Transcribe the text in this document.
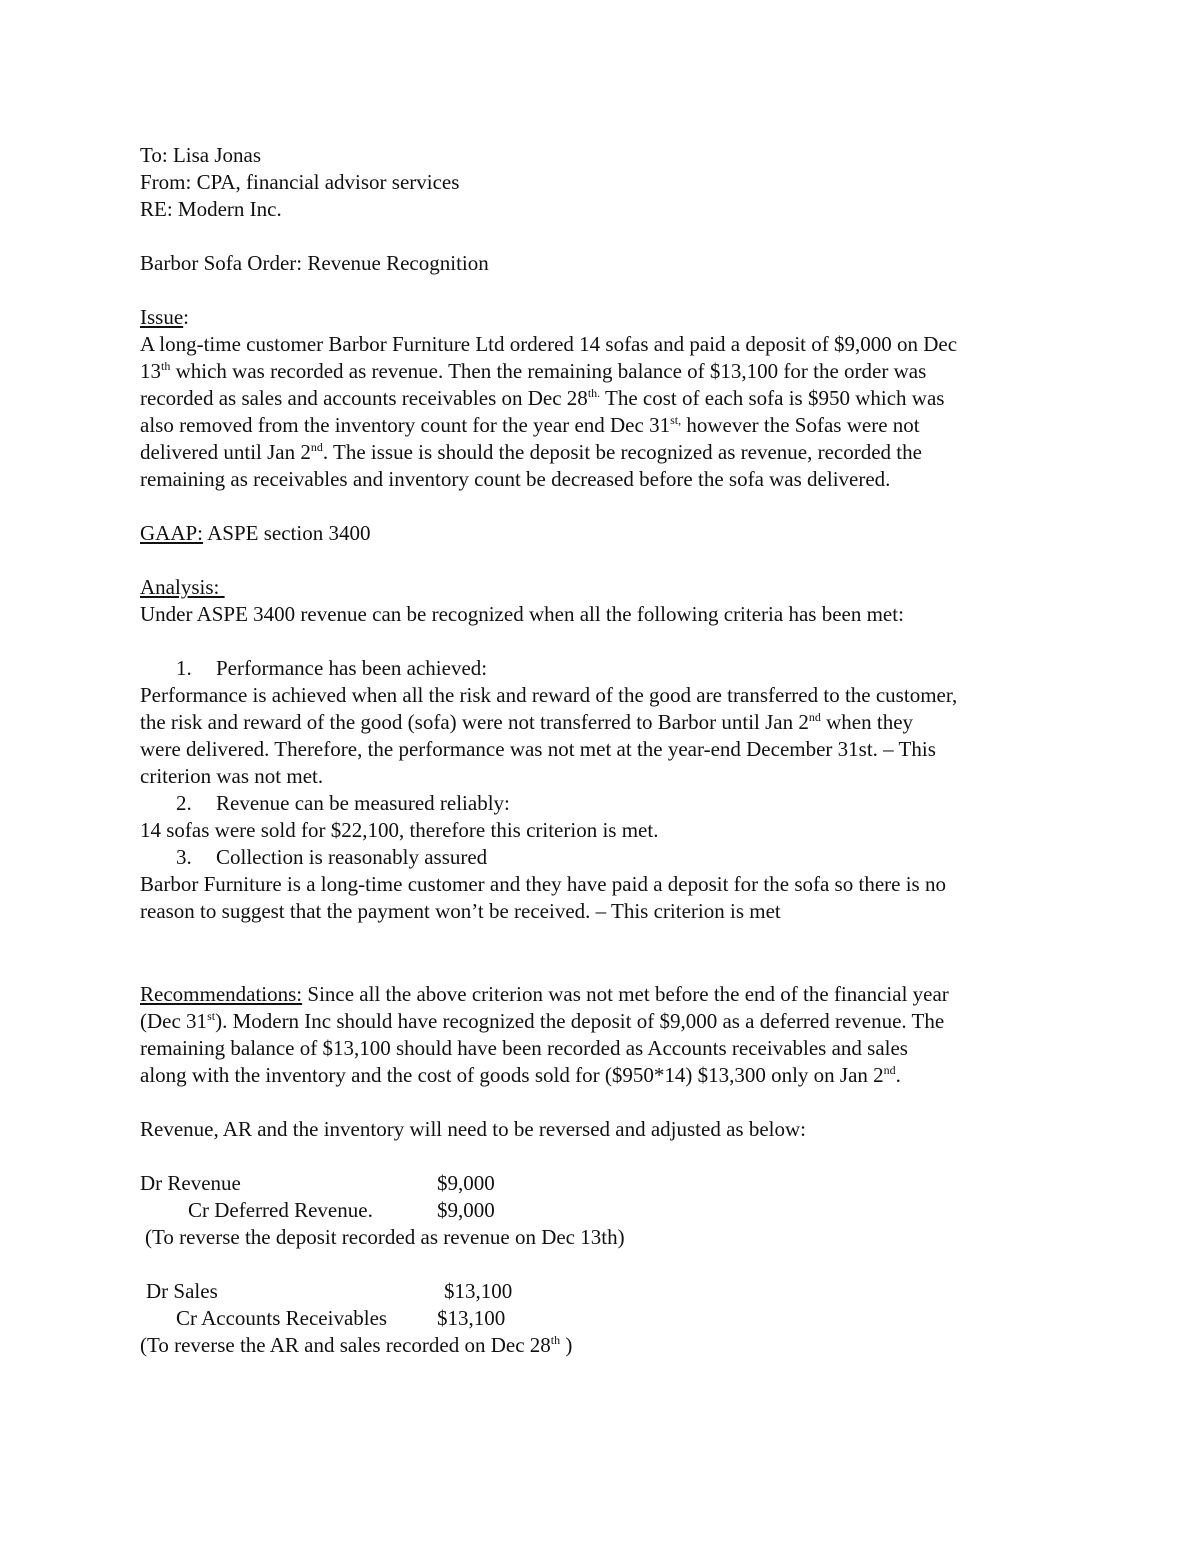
To: Lisa Jonas
From: CPA, financial advisor services
RE: Modern Inc.
Barbor Sofa Order: Revenue Recognition
Issue:
A long-time customer Barbor Furniture Ltd ordered 14 sofas and paid a deposit of $9,000 on Dec
13th which was recorded as revenue. Then the remaining balance of $13,100 for the order was
recorded as sales and accounts receivables on Dec $28^{th.}$ The cost of each sofa is $950 which was
also removed from the inventory count for the year end Dec $31^{st,}$ however the Sofas were not
delivered until Jan 2nd. The issue is should the deposit be recognized as revenue, recorded the
remaining as receivables and inventory count be decreased before the sofa was delivered.
GAAP: ASPE section 3400
Analysis:
Under ASPE 3400 revenue can be recognized when all the following criteria has been met:
1. Performance has been achieved:
Performance is achieved when all the risk and reward of the good are transferred to the customer,
the risk and reward of the good (sofa) were not transferred to Barbor until Jan 2nd when they
were delivered. Therefore, the performance was not met at the year-end December 31st. – This
criterion was not met.
2. Revenue can be measured reliably:
14 sofas were sold for $22,100, therefore this criterion is met.
3. Collection is reasonably assured
Barbor Furniture is a long-time customer and they have paid a deposit for the sofa so there is no
reason to suggest that the payment won’t be received. – This criterion is met
Recommendations: Since all the above criterion was not met before the end of the financial year
(Dec 31st). Modern Inc should have recognized the deposit of $9,000 as a deferred revenue. The
remaining balance of $13,100 should have been recorded as Accounts receivables and sales
along with the inventory and the cost of goods sold for ($950*14) $13,300 only on Jan 2nd.
Revenue, AR and the inventory will need to be reversed and adjusted as below:
Dr Revenue	$9,000
Cr Deferred Revenue.	$9,000
(To reverse the deposit recorded as revenue on Dec 13th)
Dr Sales	$13,100
Cr Accounts Receivables $13,100
(To reverse the AR and sales recorded on Dec 28th )
